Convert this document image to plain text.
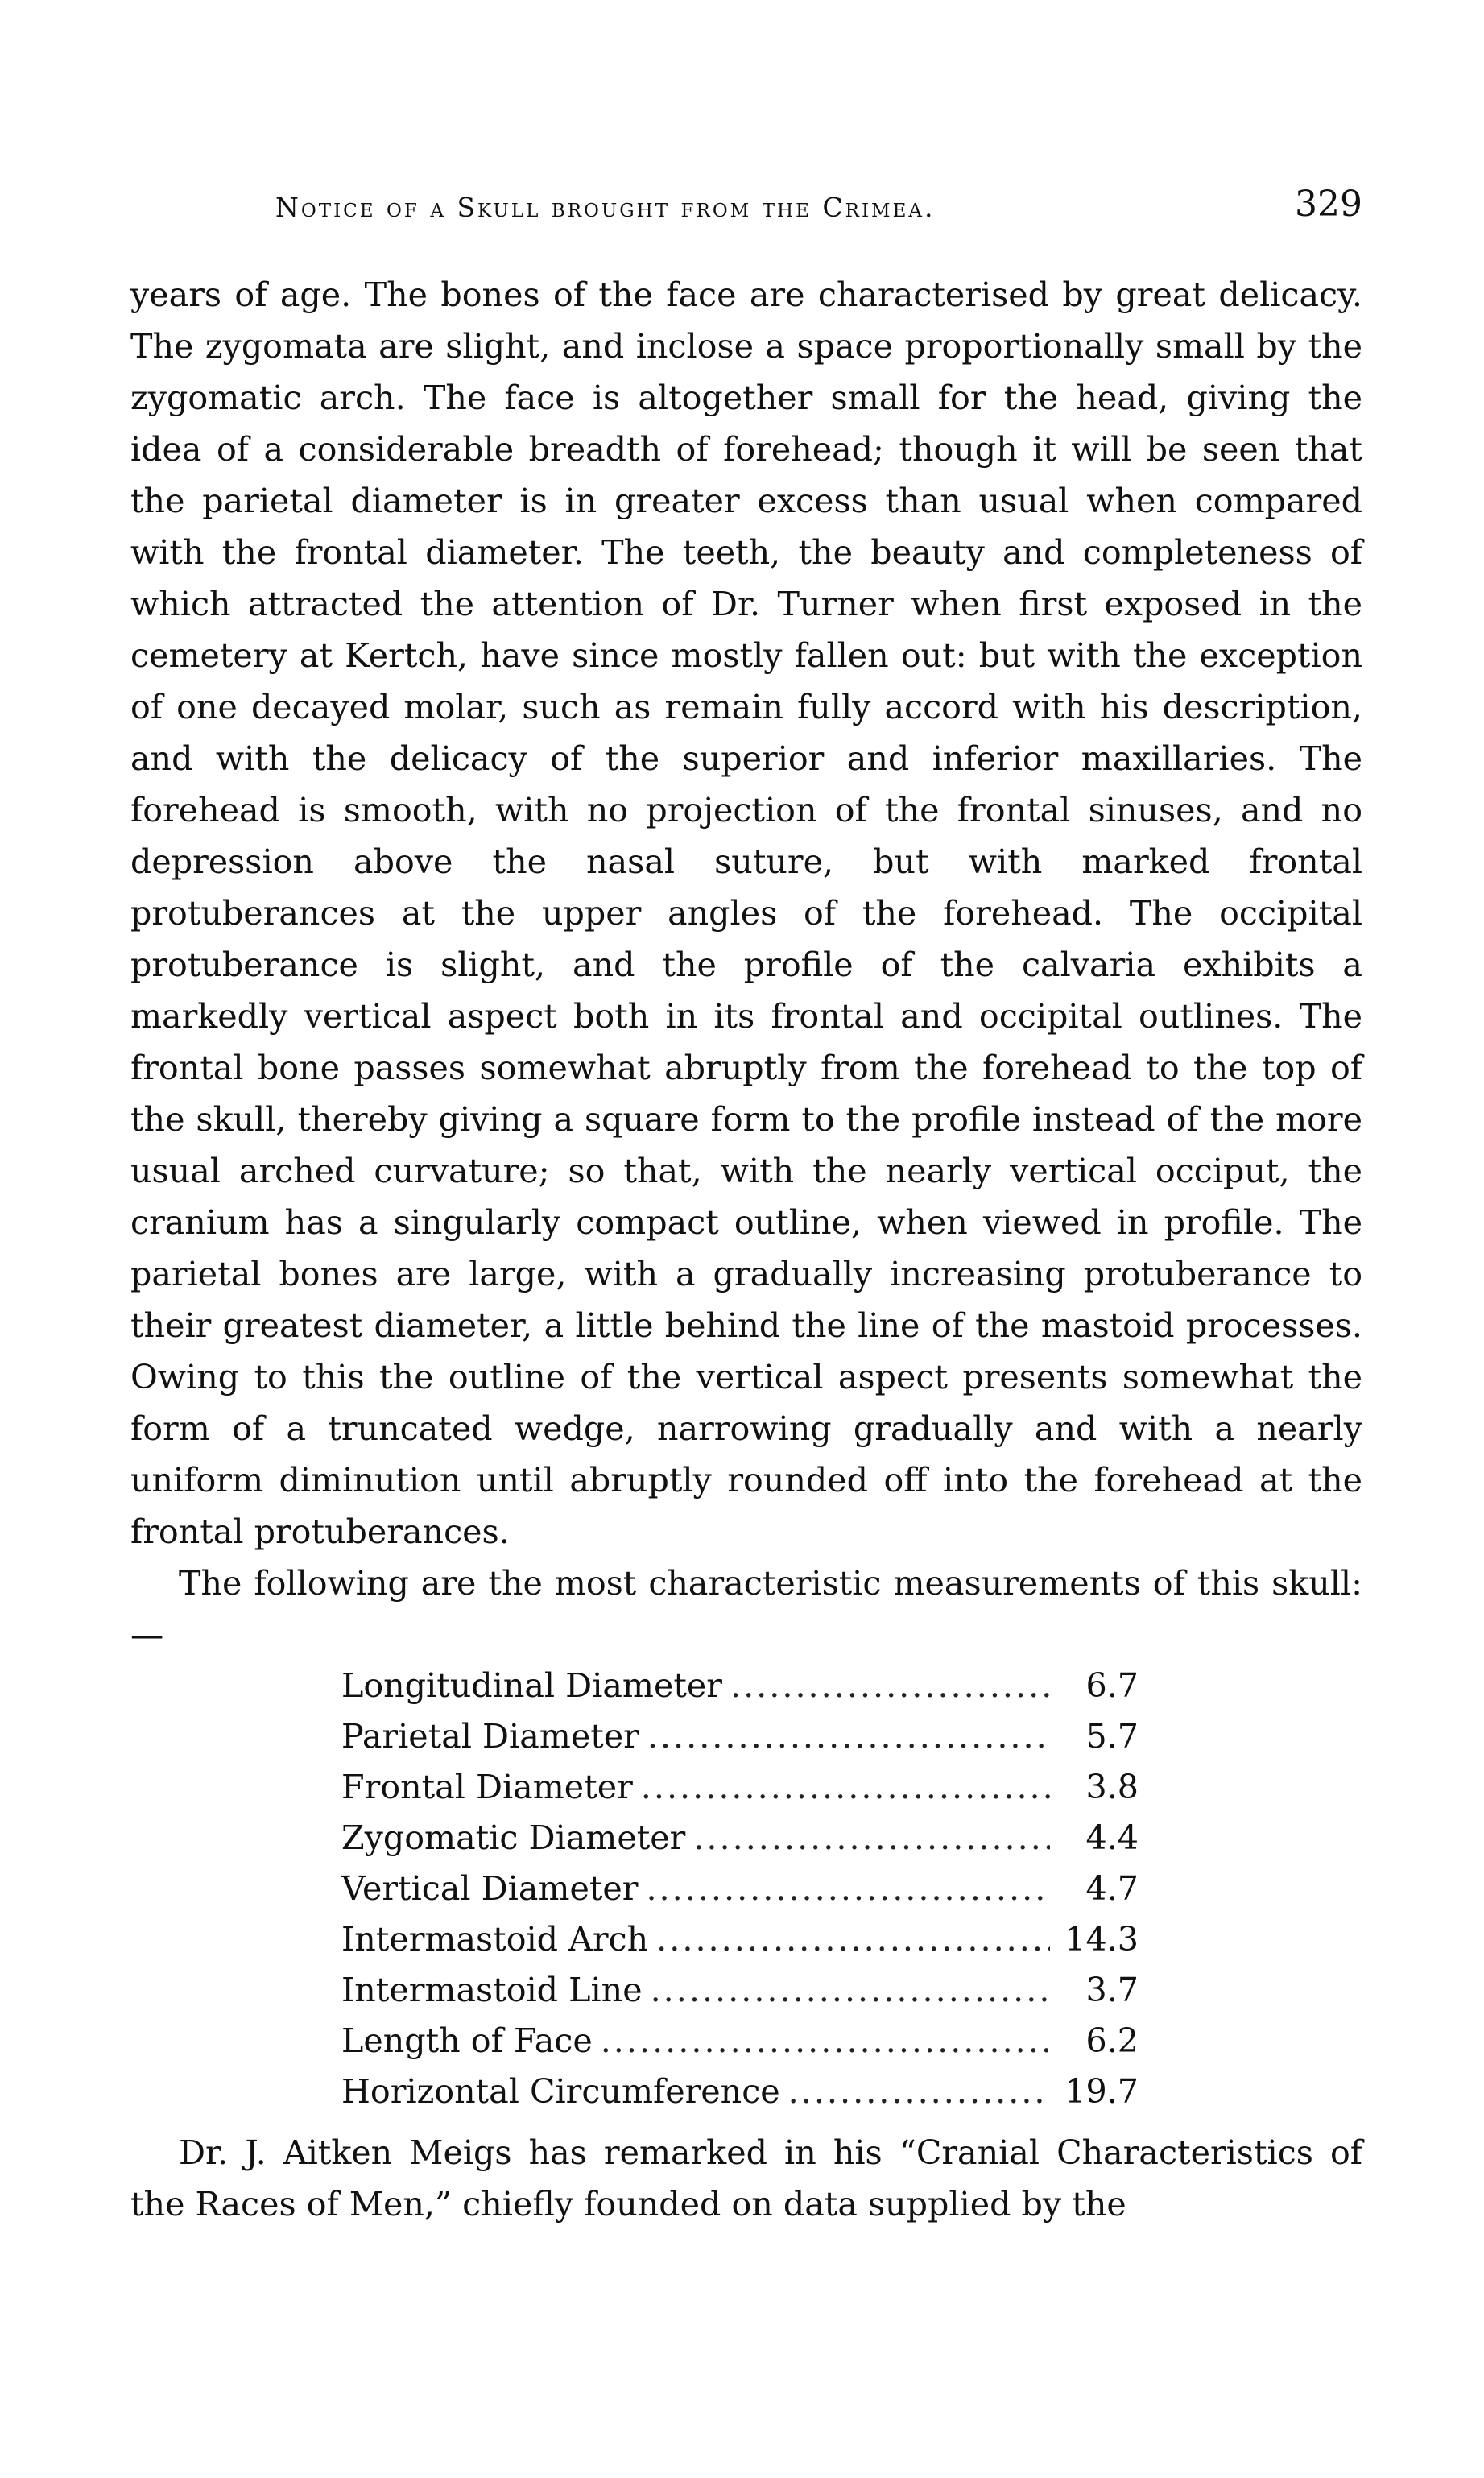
Notice of a Skull brought from the Crimea.	329

years of age. The bones of the face are characterised by great delicacy. The zygomata are slight, and inclose a space proportionally small by the zygomatic arch. The face is altogether small for the head, giving the idea of a considerable breadth of forehead; though it will be seen that the parietal diameter is in greater excess than usual when compared with the frontal diameter. The teeth, the beauty and completeness of which attracted the attention of Dr. Turner when first exposed in the cemetery at Kertch, have since mostly fallen out: but with the exception of one decayed molar, such as remain fully accord with his description, and with the delicacy of the superior and inferior maxillaries. The forehead is smooth, with no projection of the frontal sinuses, and no depression above the nasal suture, but with marked frontal protuberances at the upper angles of the forehead. The occipital protuberance is slight, and the profile of the calvaria exhibits a markedly vertical aspect both in its frontal and occipital outlines. The frontal bone passes somewhat abruptly from the forehead to the top of the skull, thereby giving a square form to the profile instead of the more usual arched curvature; so that, with the nearly vertical occiput, the cranium has a singularly compact outline, when viewed in profile. The parietal bones are large, with a gradually increasing protuberance to their greatest diameter, a little behind the line of the mastoid processes. Owing to this the outline of the vertical aspect presents somewhat the form of a truncated wedge, narrowing gradually and with a nearly uniform diminution until abruptly rounded off into the forehead at the frontal protuberances.

The following are the most characteristic measurements of this skull:—

Longitudinal Diameter .....	6.7
Parietal Diameter .....	5.7
Frontal Diameter .....	3.8
Zygomatic Diameter .....	4.4
Vertical Diameter .....	4.7
Intermastoid Arch .....	14.3
Intermastoid Line .....	3.7
Length of Face .....	6.2
Horizontal Circumference .....	19.7

Dr. J. Aitken Meigs has remarked in his “Cranial Characteristics of the Races of Men,” chiefly founded on data supplied by the
